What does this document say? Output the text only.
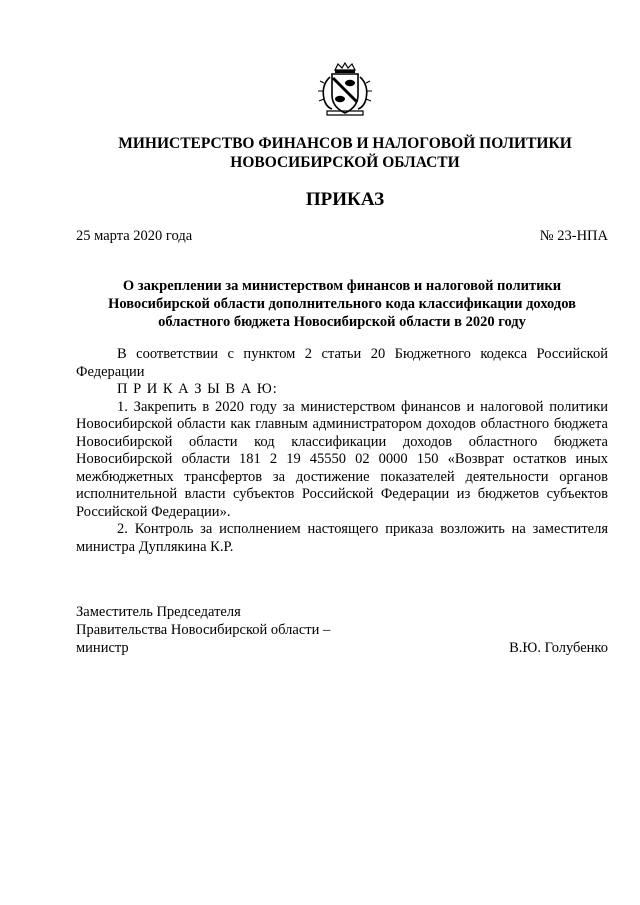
МИНИСТЕРСТВО ФИНАНСОВ И НАЛОГОВОЙ ПОЛИТИКИ
НОВОСИБИРСКОЙ ОБЛАСТИ
ПРИКАЗ
25 марта 2020 года	№ 23-НПА
О закреплении за министерством финансов и налоговой политики Новосибирской области дополнительного кода классификации доходов областного бюджета Новосибирской области в 2020 году

В соответствии с пунктом 2 статьи 20 Бюджетного кодекса Российской Федерации

П Р И К А З Ы В А Ю:

1. Закрепить в 2020 году за министерством финансов и налоговой политики Новосибирской области как главным администратором доходов областного бюджета Новосибирской области код классификации доходов областного бюджета Новосибирской области 181 2 19 45550 02 0000 150 «Возврат остатков иных межбюджетных трансфертов за достижение показателей деятельности органов исполнительной власти субъектов Российской Федерации из бюджетов субъектов Российской Федерации».

2. Контроль за исполнением настоящего приказа возложить на заместителя министра Дуплякина К.Р.

Заместитель Председателя
Правительства Новосибирской области –
министр	В.Ю. Голубенко
